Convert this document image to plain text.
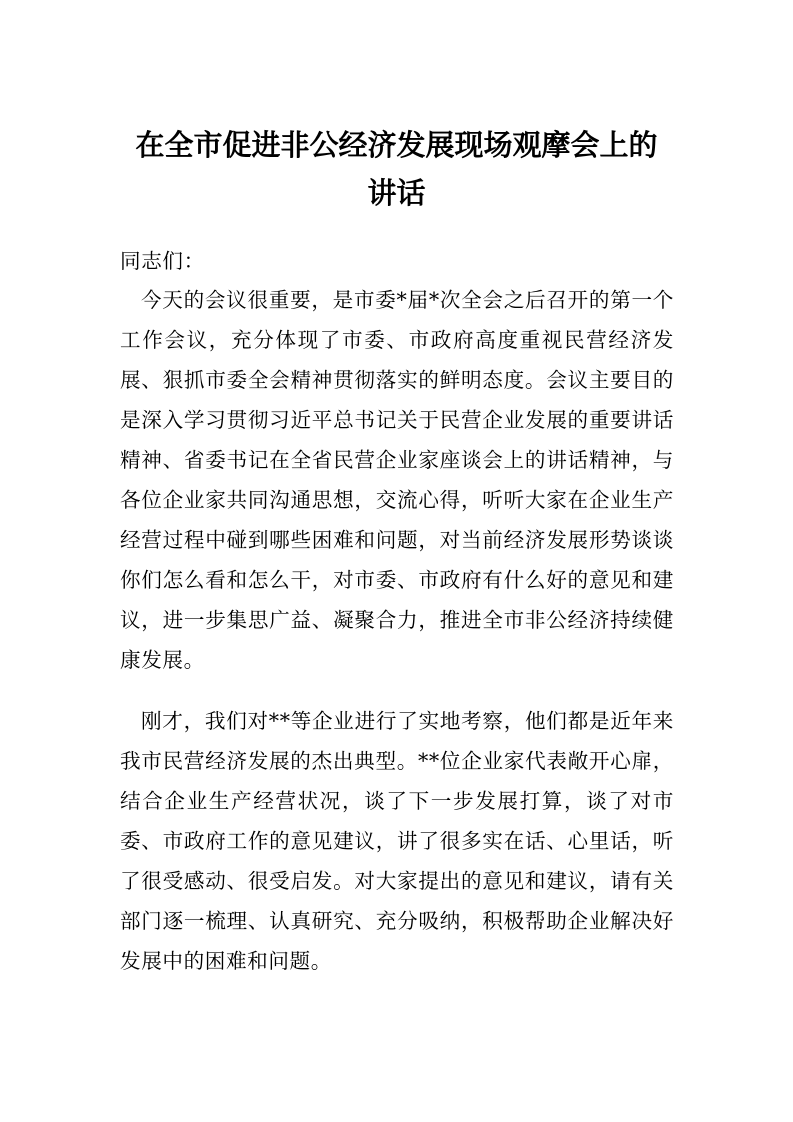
在全市促进非公经济发展现场观摩会上的
讲话
同志们：
今天的会议很重要，是市委*届*次全会之后召开的第一个工作会议，充分体现了市委、市政府高度重视民营经济发展、狠抓市委全会精神贯彻落实的鲜明态度。会议主要目的是深入学习贯彻习近平总书记关于民营企业发展的重要讲话精神、省委书记在全省民营企业家座谈会上的讲话精神，与各位企业家共同沟通思想，交流心得，听听大家在企业生产经营过程中碰到哪些困难和问题，对当前经济发展形势谈谈你们怎么看和怎么干，对市委、市政府有什么好的意见和建议，进一步集思广益、凝聚合力，推进全市非公经济持续健康发展。
刚才，我们对**等企业进行了实地考察，他们都是近年来我市民营经济发展的杰出典型。**位企业家代表敞开心扉，结合企业生产经营状况，谈了下一步发展打算，谈了对市委、市政府工作的意见建议，讲了很多实在话、心里话，听了很受感动、很受启发。对大家提出的意见和建议，请有关部门逐一梳理、认真研究、充分吸纳，积极帮助企业解决好发展中的困难和问题。
